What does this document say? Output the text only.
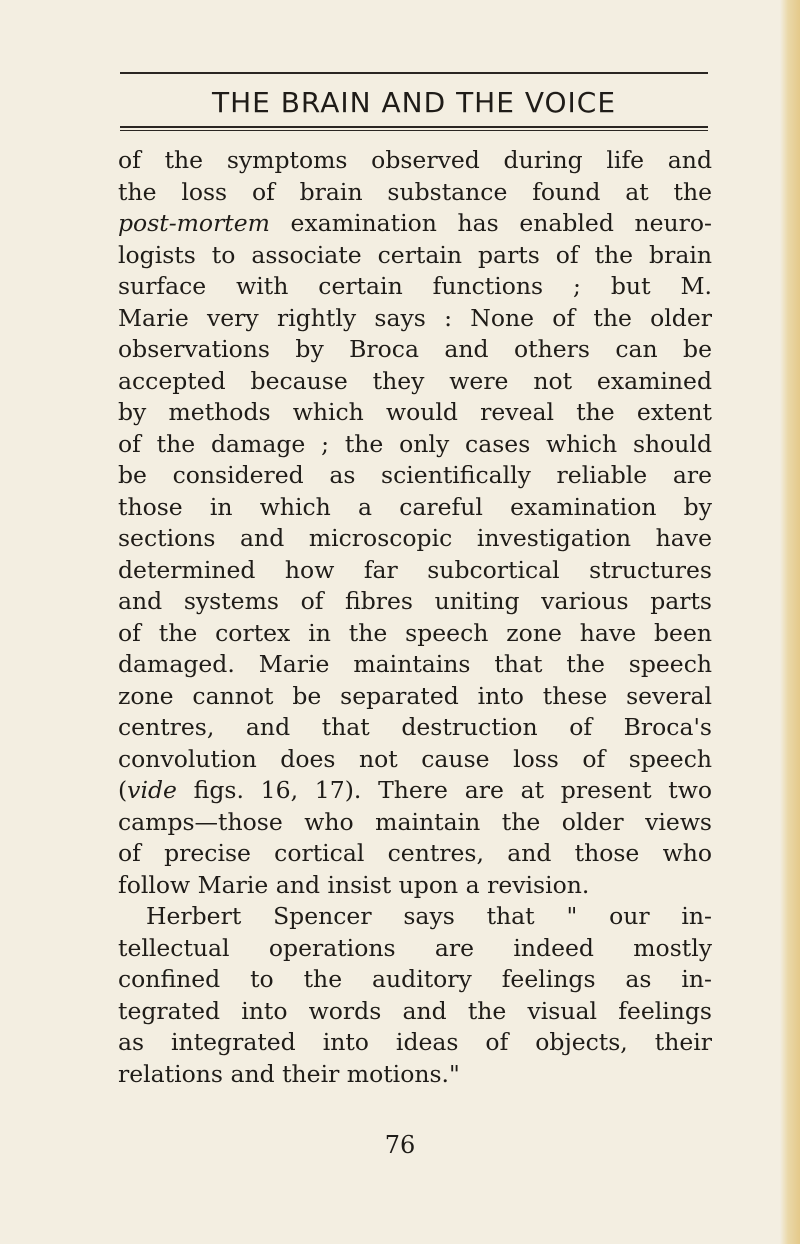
THE BRAIN AND THE VOICE
of the symptoms observed during life and
the loss of brain substance found at the
post-mortem examination has enabled neuro-
logists to associate certain parts of the brain
surface with certain functions ; but M.
Marie very rightly says : None of the older
observations by Broca and others can be
accepted because they were not examined
by methods which would reveal the extent
of the damage ; the only cases which should
be considered as scientifically reliable are
those in which a careful examination by
sections and microscopic investigation have
determined how far subcortical structures
and systems of fibres uniting various parts
of the cortex in the speech zone have been
damaged. Marie maintains that the speech
zone cannot be separated into these several
centres, and that destruction of Broca's
convolution does not cause loss of speech
(vide figs. 16, 17). There are at present two
camps—those who maintain the older views
of precise cortical centres, and those who
follow Marie and insist upon a revision.
Herbert Spencer says that " our in-
tellectual operations are indeed mostly
confined to the auditory feelings as in-
tegrated into words and the visual feelings
as integrated into ideas of objects, their
relations and their motions."
76
